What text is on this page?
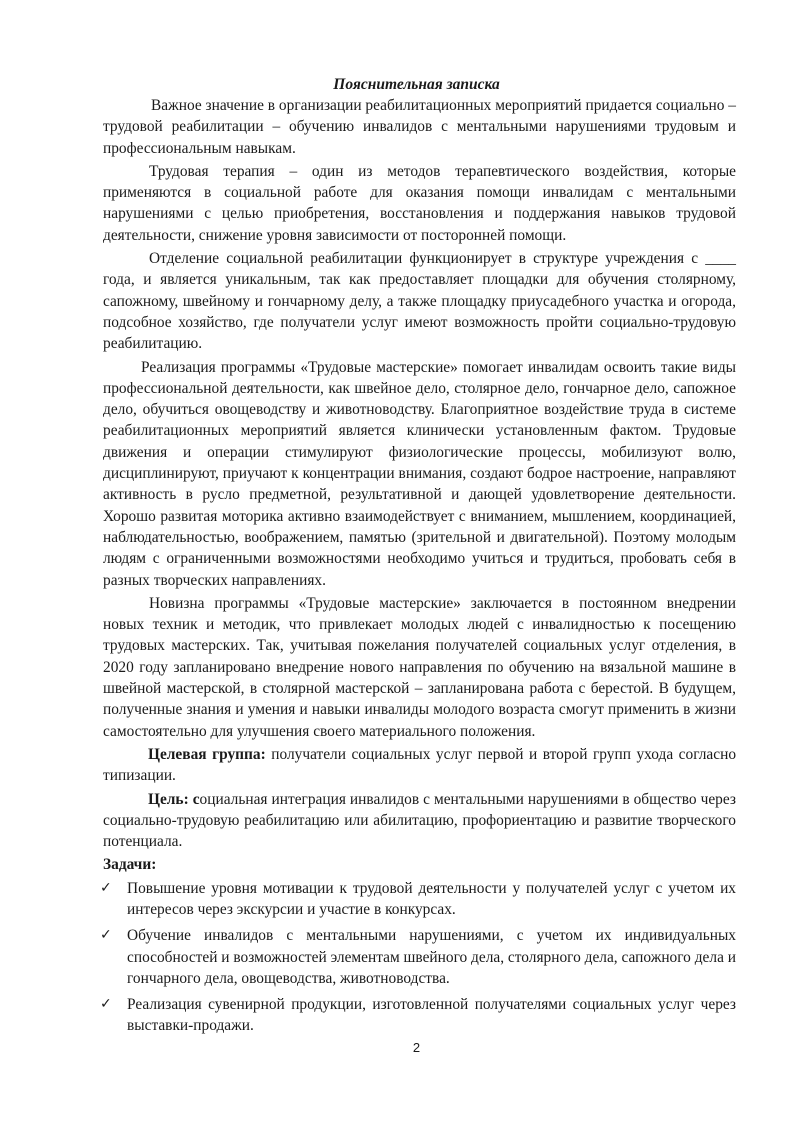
Пояснительная записка

Важное значение в организации реабилитационных мероприятий придается социально – трудовой реабилитации – обучению инвалидов с ментальными нарушениями трудовым и профессиональным навыкам.

Трудовая терапия – один из методов терапевтического воздействия, которые применяются в социальной работе для оказания помощи инвалидам с ментальными нарушениями с целью приобретения, восстановления и поддержания навыков трудовой деятельности, снижение уровня зависимости от посторонней помощи.

Отделение социальной реабилитации функционирует в структуре учреждения с ____ года, и является уникальным, так как предоставляет площадки для обучения столярному, сапожному, швейному и гончарному делу, а также площадку приусадебного участка и огорода, подсобное хозяйство, где получатели услуг имеют возможность пройти социально-трудовую реабилитацию.

Реализация программы «Трудовые мастерские» помогает инвалидам освоить такие виды профессиональной деятельности, как швейное дело, столярное дело, гончарное дело, сапожное дело, обучиться овощеводству и животноводству. Благоприятное воздействие труда в системе реабилитационных мероприятий является клинически установленным фактом. Трудовые движения и операции стимулируют физиологические процессы, мобилизуют волю, дисциплинируют, приучают к концентрации внимания, создают бодрое настроение, направляют активность в русло предметной, результативной и дающей удовлетворение деятельности. Хорошо развитая моторика активно взаимодействует с вниманием, мышлением, координацией, наблюдательностью, воображением, памятью (зрительной и двигательной). Поэтому молодым людям с ограниченными возможностями необходимо учиться и трудиться, пробовать себя в разных творческих направлениях.

Новизна программы «Трудовые мастерские» заключается в постоянном внедрении новых техник и методик, что привлекает молодых людей с инвалидностью к посещению трудовых мастерских. Так, учитывая пожелания получателей социальных услуг отделения, в 2020 году запланировано внедрение нового направления по обучению на вязальной машине в швейной мастерской, в столярной мастерской – запланирована работа с берестой. В будущем, полученные знания и умения и навыки инвалиды молодого возраста смогут применить в жизни самостоятельно для улучшения своего материального положения.

Целевая группа: получатели социальных услуг первой и второй групп ухода согласно типизации.

Цель: социальная интеграция инвалидов с ментальными нарушениями в общество через социально-трудовую реабилитацию или абилитацию, профориентацию и развитие творческого потенциала.

Задачи:
✓ Повышение уровня мотивации к трудовой деятельности у получателей услуг с учетом их интересов через экскурсии и участие в конкурсах.
✓ Обучение инвалидов с ментальными нарушениями, с учетом их индивидуальных способностей и возможностей элементам швейного дела, столярного дела, сапожного дела и гончарного дела, овощеводства, животноводства.
✓ Реализация сувенирной продукции, изготовленной получателями социальных услуг через выставки-продажи.
2
